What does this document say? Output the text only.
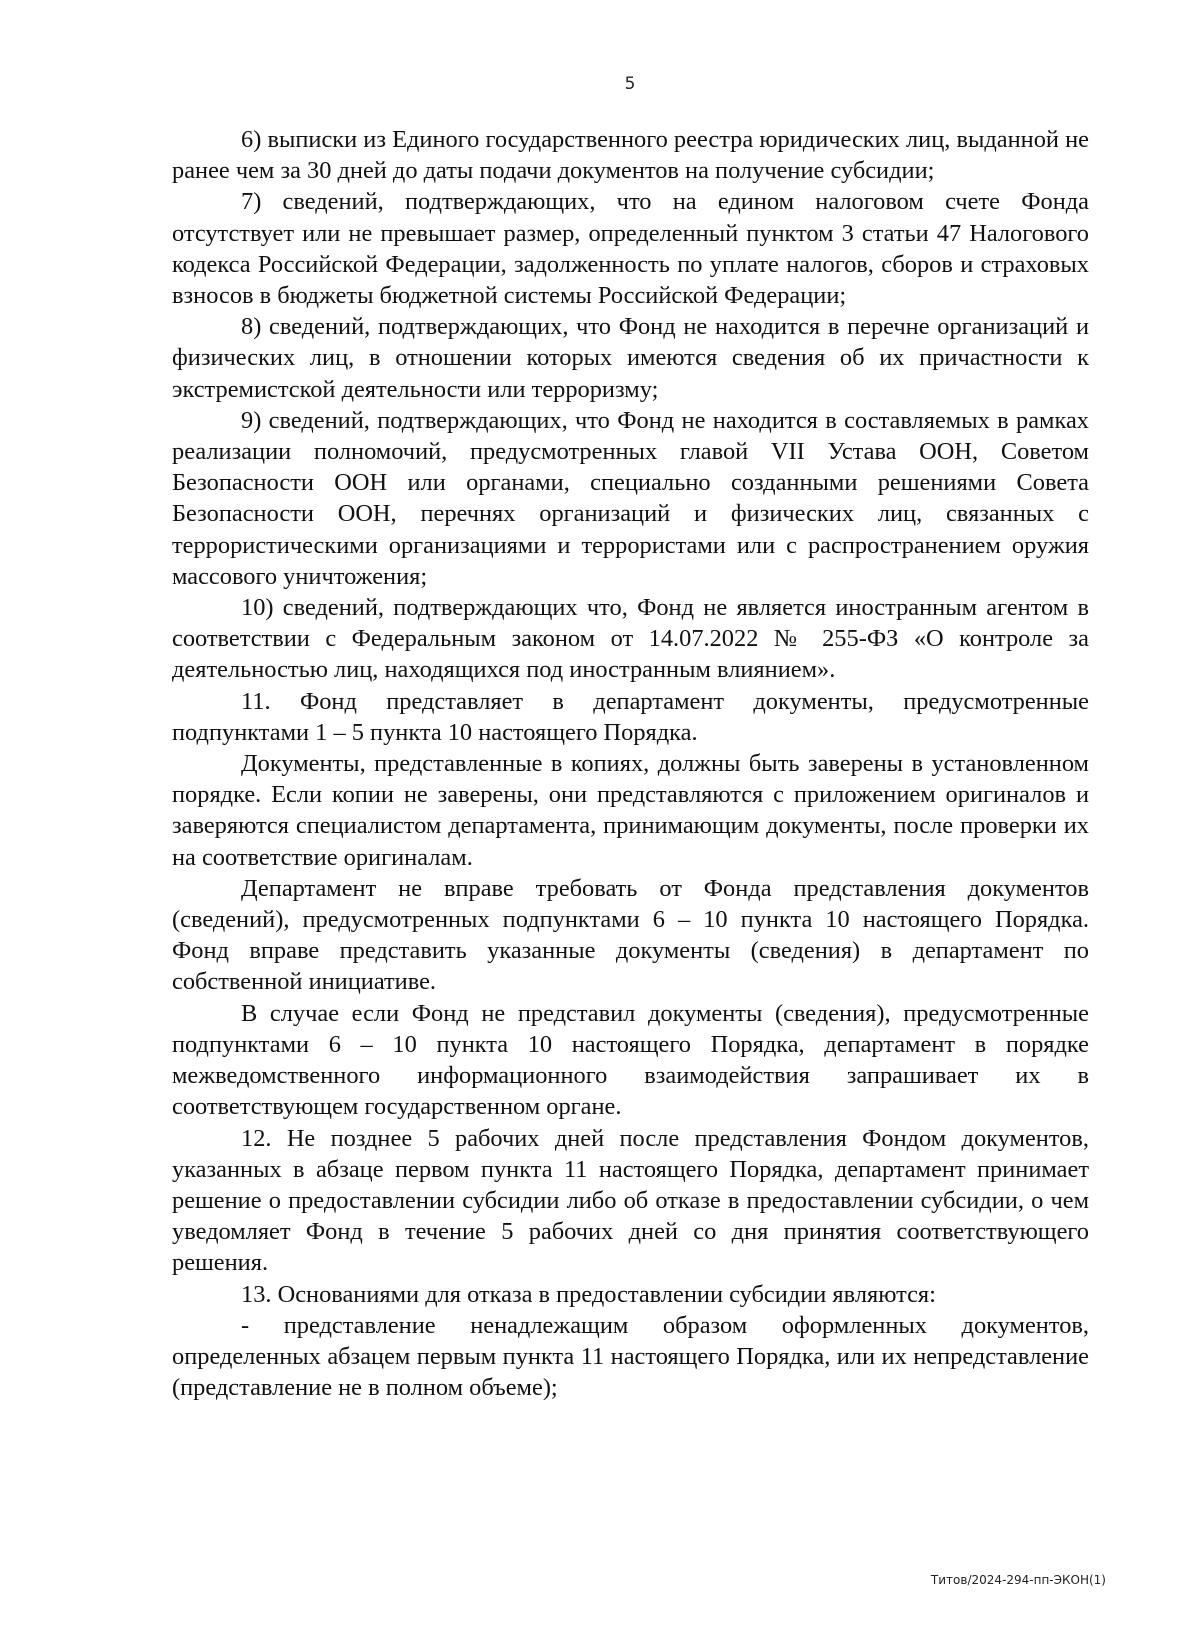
5

6) выписки из Единого государственного реестра юридических лиц, выданной не ранее чем за 30 дней до даты подачи документов на получение субсидии;

7) сведений, подтверждающих, что на едином налоговом счете Фонда отсутствует или не превышает размер, определенный пунктом 3 статьи 47 Налогового кодекса Российской Федерации, задолженность по уплате налогов, сборов и страховых взносов в бюджеты бюджетной системы Российской Федерации;

8) сведений, подтверждающих, что Фонд не находится в перечне организаций и физических лиц, в отношении которых имеются сведения об их причастности к экстремистской деятельности или терроризму;

9) сведений, подтверждающих, что Фонд не находится в составляемых в рамках реализации полномочий, предусмотренных главой VII Устава ООН, Советом Безопасности ООН или органами, специально созданными решениями Совета Безопасности ООН, перечнях организаций и физических лиц, связанных с террористическими организациями и террористами или с распространением оружия массового уничтожения;

10) сведений, подтверждающих что, Фонд не является иностранным агентом в соответствии с Федеральным законом от 14.07.2022 № 255-ФЗ «О контроле за деятельностью лиц, находящихся под иностранным влиянием».

11. Фонд представляет в департамент документы, предусмотренные подпунктами 1 – 5 пункта 10 настоящего Порядка.

Документы, представленные в копиях, должны быть заверены в установленном порядке. Если копии не заверены, они представляются с приложением оригиналов и заверяются специалистом департамента, принимающим документы, после проверки их на соответствие оригиналам.

Департамент не вправе требовать от Фонда представления документов (сведений), предусмотренных подпунктами 6 – 10 пункта 10 настоящего Порядка. Фонд вправе представить указанные документы (сведения) в департамент по собственной инициативе.

В случае если Фонд не представил документы (сведения), предусмотренные подпунктами 6 – 10 пункта 10 настоящего Порядка, департамент в порядке межведомственного информационного взаимодействия запрашивает их в соответствующем государственном органе.

12. Не позднее 5 рабочих дней после представления Фондом документов, указанных в абзаце первом пункта 11 настоящего Порядка, департамент принимает решение о предоставлении субсидии либо об отказе в предоставлении субсидии, о чем уведомляет Фонд в течение 5 рабочих дней со дня принятия соответствующего решения.

13. Основаниями для отказа в предоставлении субсидии являются:

- представление ненадлежащим образом оформленных документов, определенных абзацем первым пункта 11 настоящего Порядка, или их непредставление (представление не в полном объеме);

Титов/2024-294-пп-ЭКОН(1)
